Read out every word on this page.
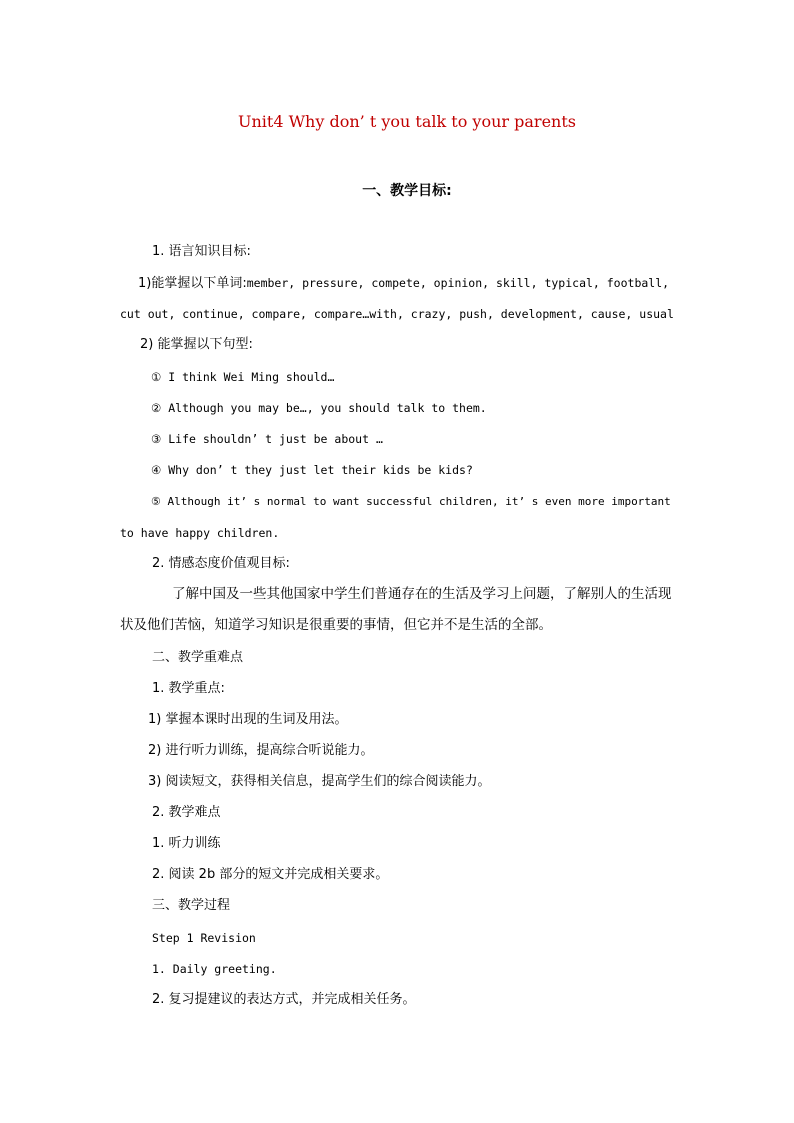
Unit4 Why don’ t you talk to your parents
一、教学目标:
1. 语言知识目标:
1)能掌握以下单词:member, pressure, compete, opinion, skill, typical, football,
cut out, continue, compare, compare…with, crazy, push, development, cause, usual
2) 能掌握以下句型:
① I think Wei Ming should…
② Although you may be…, you should talk to them.
③ Life shouldn’ t just be about …
④ Why don’ t they just let their kids be kids?
⑤ Although it’ s normal to want successful children, it’ s even more important
to have happy children.
2. 情感态度价值观目标:
了解中国及一些其他国家中学生们普通存在的生活及学习上问题，了解别人的生活现状及他们苦恼，知道学习知识是很重要的事情，但它并不是生活的全部。
二、教学重难点
1. 教学重点:
1) 掌握本课时出现的生词及用法。
2) 进行听力训练，提高综合听说能力。
3) 阅读短文，获得相关信息，提高学生们的综合阅读能力。
2. 教学难点
1. 听力训练
2. 阅读 2b 部分的短文并完成相关要求。
三、教学过程
Step 1 Revision
1. Daily greeting.
2. 复习提建议的表达方式，并完成相关任务。
